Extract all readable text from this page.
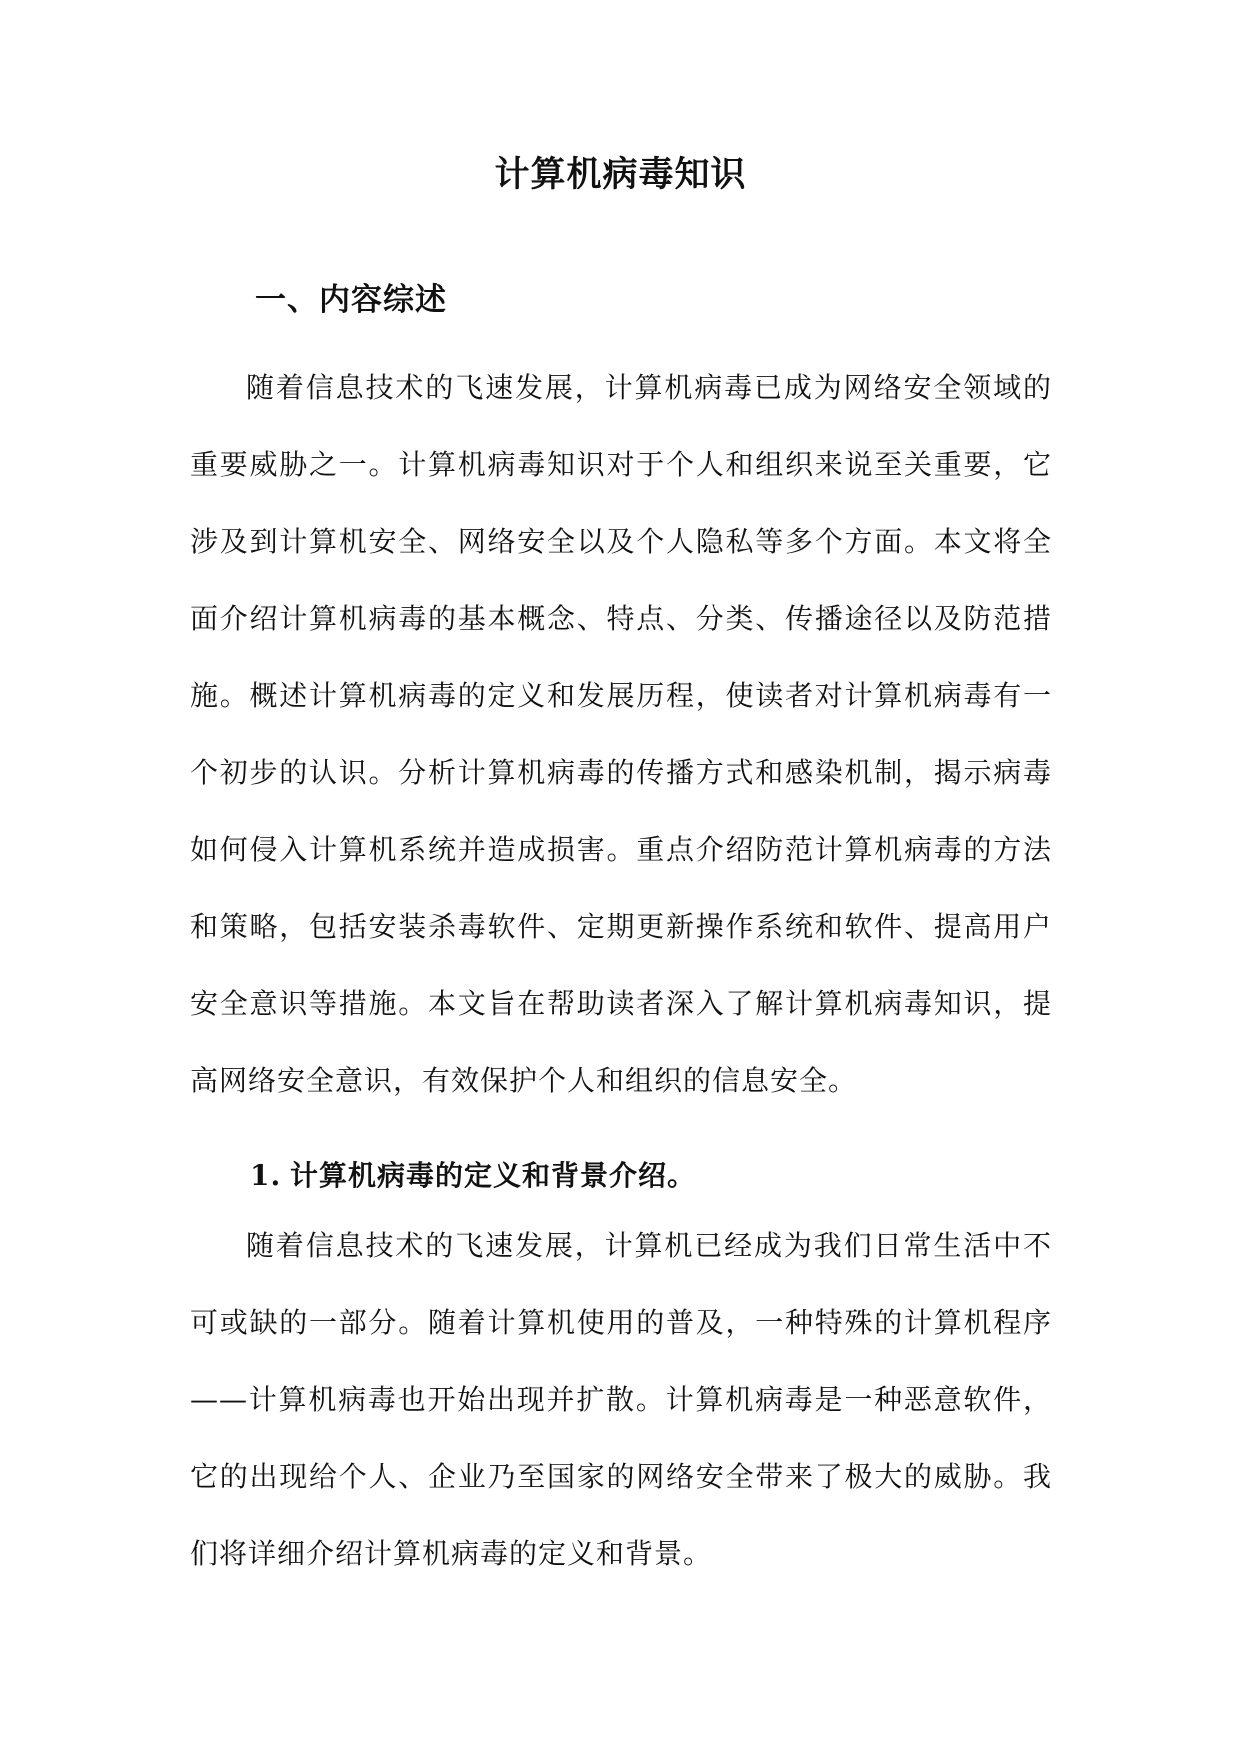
计算机病毒知识
一、内容综述

随着信息技术的飞速发展，计算机病毒已成为网络安全领域的重要威胁之一。计算机病毒知识对于个人和组织来说至关重要，它涉及到计算机安全、网络安全以及个人隐私等多个方面。本文将全面介绍计算机病毒的基本概念、特点、分类、传播途径以及防范措施。概述计算机病毒的定义和发展历程，使读者对计算机病毒有一个初步的认识。分析计算机病毒的传播方式和感染机制，揭示病毒如何侵入计算机系统并造成损害。重点介绍防范计算机病毒的方法和策略，包括安装杀毒软件、定期更新操作系统和软件、提高用户安全意识等措施。本文旨在帮助读者深入了解计算机病毒知识，提高网络安全意识，有效保护个人和组织的信息安全。

1. 计算机病毒的定义和背景介绍。

随着信息技术的飞速发展，计算机已经成为我们日常生活中不可或缺的一部分。随着计算机使用的普及，一种特殊的计算机程序——计算机病毒也开始出现并扩散。计算机病毒是一种恶意软件，它的出现给个人、企业乃至国家的网络安全带来了极大的威胁。我们将详细介绍计算机病毒的定义和背景。
